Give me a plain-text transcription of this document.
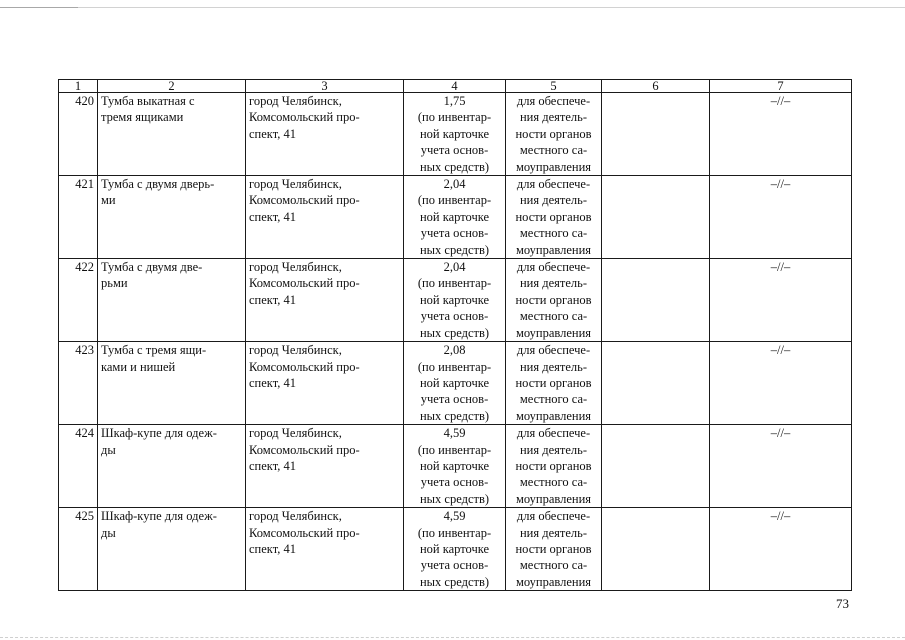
1	2	3	4	5	6	7
420	Тумба выкатная с
тремя ящиками	город Челябинск,
Комсомольский про-
спект, 41	1,75
(по инвентар-
ной карточке
учета основ-
ных средств)	для обеспече-
ния деятель-
ности органов
местного са-
моуправления		–//–
421	Тумба с двумя дверь-
ми	город Челябинск,
Комсомольский про-
спект, 41	2,04
(по инвентар-
ной карточке
учета основ-
ных средств)	для обеспече-
ния деятель-
ности органов
местного са-
моуправления		–//–
422	Тумба с двумя две-
рьми	город Челябинск,
Комсомольский про-
спект, 41	2,04
(по инвентар-
ной карточке
учета основ-
ных средств)	для обеспече-
ния деятель-
ности органов
местного са-
моуправления		–//–
423	Тумба с тремя ящи-
ками и нишей	город Челябинск,
Комсомольский про-
спект, 41	2,08
(по инвентар-
ной карточке
учета основ-
ных средств)	для обеспече-
ния деятель-
ности органов
местного са-
моуправления		–//–
424	Шкаф-купе для одеж-
ды	город Челябинск,
Комсомольский про-
спект, 41	4,59
(по инвентар-
ной карточке
учета основ-
ных средств)	для обеспече-
ния деятель-
ности органов
местного са-
моуправления		–//–
425	Шкаф-купе для одеж-
ды	город Челябинск,
Комсомольский про-
спект, 41	4,59
(по инвентар-
ной карточке
учета основ-
ных средств)	для обеспече-
ния деятель-
ности органов
местного са-
моуправления		–//–
73
